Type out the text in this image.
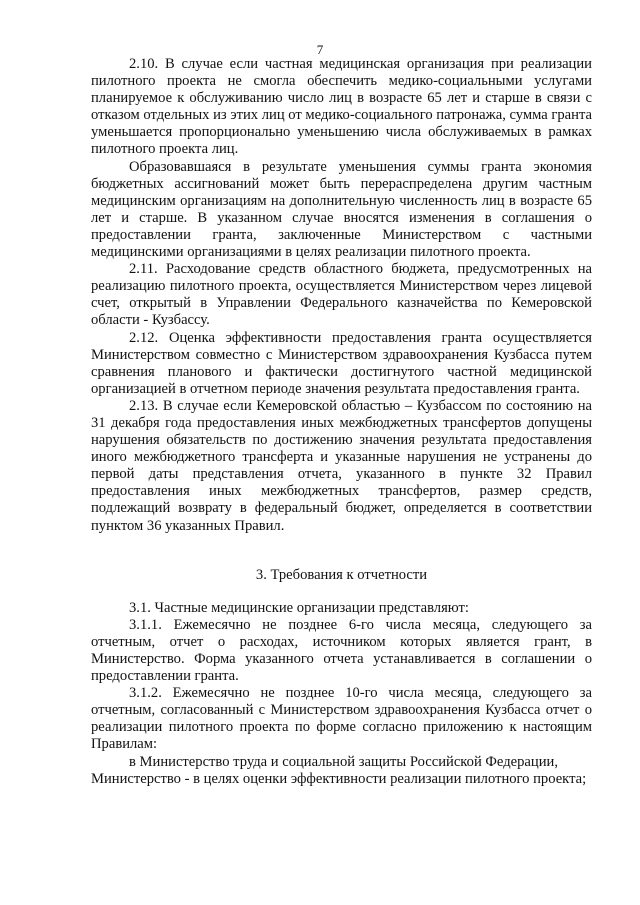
7

2.10. В случае если частная медицинская организация при реализации пилотного проекта не смогла обеспечить медико-социальными услугами планируемое к обслуживанию число лиц в возрасте 65 лет и старше в связи с отказом отдельных из этих лиц от медико-социального патронажа, сумма гранта уменьшается пропорционально уменьшению числа обслуживаемых в рамках пилотного проекта лиц.

Образовавшаяся в результате уменьшения суммы гранта экономия бюджетных ассигнований может быть перераспределена другим частным медицинским организациям на дополнительную численность лиц в возрасте 65 лет и старше. В указанном случае вносятся изменения в соглашения о предоставлении гранта, заключенные Министерством с частными медицинскими организациями в целях реализации пилотного проекта.

2.11. Расходование средств областного бюджета, предусмотренных на реализацию пилотного проекта, осуществляется Министерством через лицевой счет, открытый в Управлении Федерального казначейства по Кемеровской области - Кузбассу.

2.12. Оценка эффективности предоставления гранта осуществляется Министерством совместно с Министерством здравоохранения Кузбасса путем сравнения планового и фактически достигнутого частной медицинской организацией в отчетном периоде значения результата предоставления гранта.

2.13. В случае если Кемеровской областью – Кузбассом по состоянию на 31 декабря года предоставления иных межбюджетных трансфертов допущены нарушения обязательств по достижению значения результата предоставления иного межбюджетного трансферта и указанные нарушения не устранены до первой даты представления отчета, указанного в пункте 32 Правил предоставления иных межбюджетных трансфертов, размер средств, подлежащий возврату в федеральный бюджет, определяется в соответствии пунктом 36 указанных Правил.

3. Требования к отчетности

3.1. Частные медицинские организации представляют:

3.1.1. Ежемесячно не позднее 6-го числа месяца, следующего за отчетным, отчет о расходах, источником которых является грант, в Министерство. Форма указанного отчета устанавливается в соглашении о предоставлении гранта.

3.1.2. Ежемесячно не позднее 10-го числа месяца, следующего за отчетным, согласованный с Министерством здравоохранения Кузбасса отчет о реализации пилотного проекта по форме согласно приложению к настоящим Правилам:

в Министерство труда и социальной защиты Российской Федерации,

Министерство - в целях оценки эффективности реализации пилотного проекта;
